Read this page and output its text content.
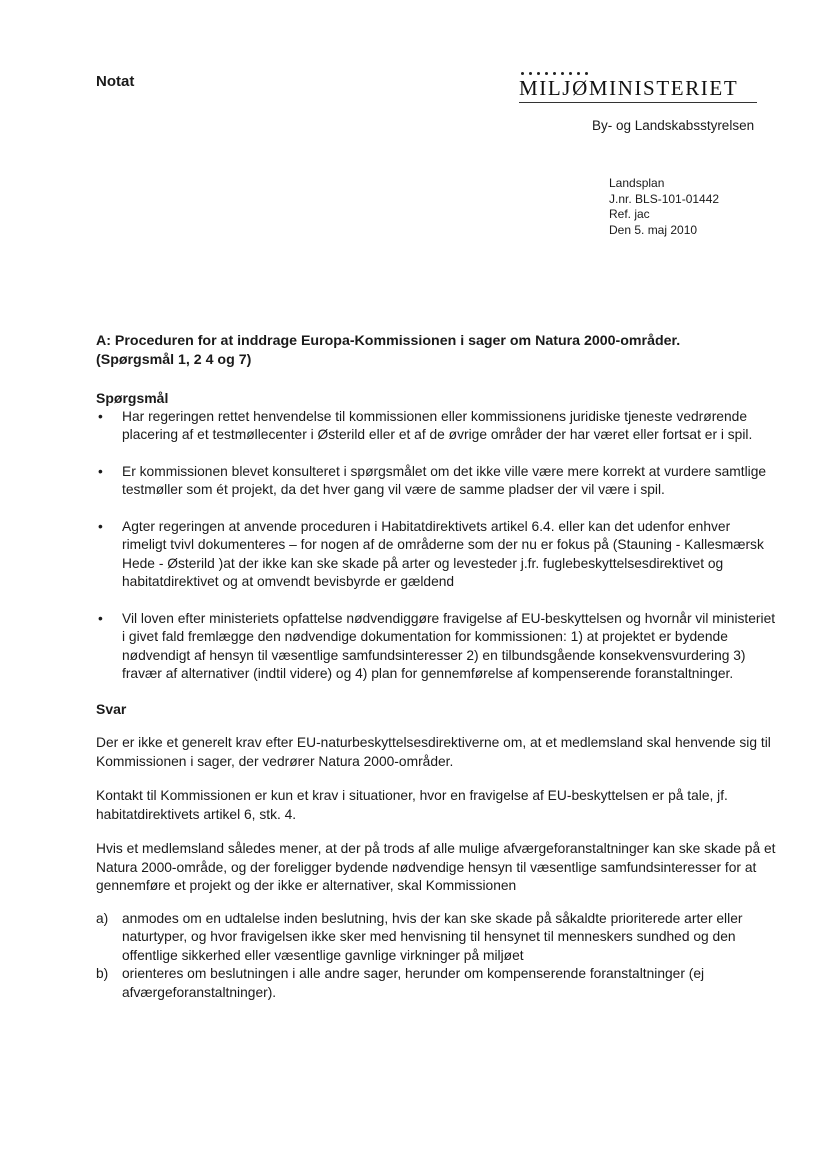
Notat	MILJØMINISTERIET
By- og Landskabsstyrelsen
Landsplan
J.nr. BLS-101-01442
Ref. jac
Den 5. maj 2010

A: Proceduren for at inddrage Europa-Kommissionen i sager om Natura 2000-områder.

(Spørgsmål 1, 2 4 og 7)

Spørgsmål

• Har regeringen rettet henvendelse til kommissionen eller kommissionens juridiske tjeneste vedrørende placering af et testmøllecenter i Østerild eller et af de øvrige områder der har været eller fortsat er i spil.
• Er kommissionen blevet konsulteret i spørgsmålet om det ikke ville være mere korrekt at vurdere samtlige testmøller som ét projekt, da det hver gang vil være de samme pladser der vil være i spil.
• Agter regeringen at anvende proceduren i Habitatdirektivets artikel 6.4. eller kan det udenfor enhver rimeligt tvivl dokumenteres – for nogen af de områderne som der nu er fokus på (Stauning - Kallesmærsk Hede - Østerild )at der ikke kan ske skade på arter og levesteder j.fr. fuglebeskyttelsesdirektivet og habitatdirektivet og at omvendt bevisbyrde er gældend
• Vil loven efter ministeriets opfattelse nødvendiggøre fravigelse af EU-beskyttelsen og hvornår vil ministeriet i givet fald fremlægge den nødvendige dokumentation for kommissionen: 1) at projektet er bydende nødvendigt af hensyn til væsentlige samfundsinteresser 2) en tilbundsgående konsekvensvurdering 3) fravær af alternativer (indtil videre) og 4) plan for gennemførelse af kompenserende foranstaltninger.

Svar

Der er ikke et generelt krav efter EU-naturbeskyttelsesdirektiverne om, at et medlemsland skal henvende sig til Kommissionen i sager, der vedrører Natura 2000-områder.

Kontakt til Kommissionen er kun et krav i situationer, hvor en fravigelse af EU-beskyttelsen er på tale, jf. habitatdirektivets artikel 6, stk. 4.

Hvis et medlemsland således mener, at der på trods af alle mulige afværgeforanstaltninger kan ske skade på et Natura 2000-område, og der foreligger bydende nødvendige hensyn til væsentlige samfundsinteresser for at gennemføre et projekt og der ikke er alternativer, skal Kommissionen

a) anmodes om en udtalelse inden beslutning, hvis der kan ske skade på såkaldte prioriterede arter eller naturtyper, og hvor fravigelsen ikke sker med henvisning til hensynet til menneskers sundhed og den offentlige sikkerhed eller væsentlige gavnlige virkninger på miljøet
b) orienteres om beslutningen i alle andre sager, herunder om kompenserende foranstaltninger (ej afværgeforanstaltninger).
